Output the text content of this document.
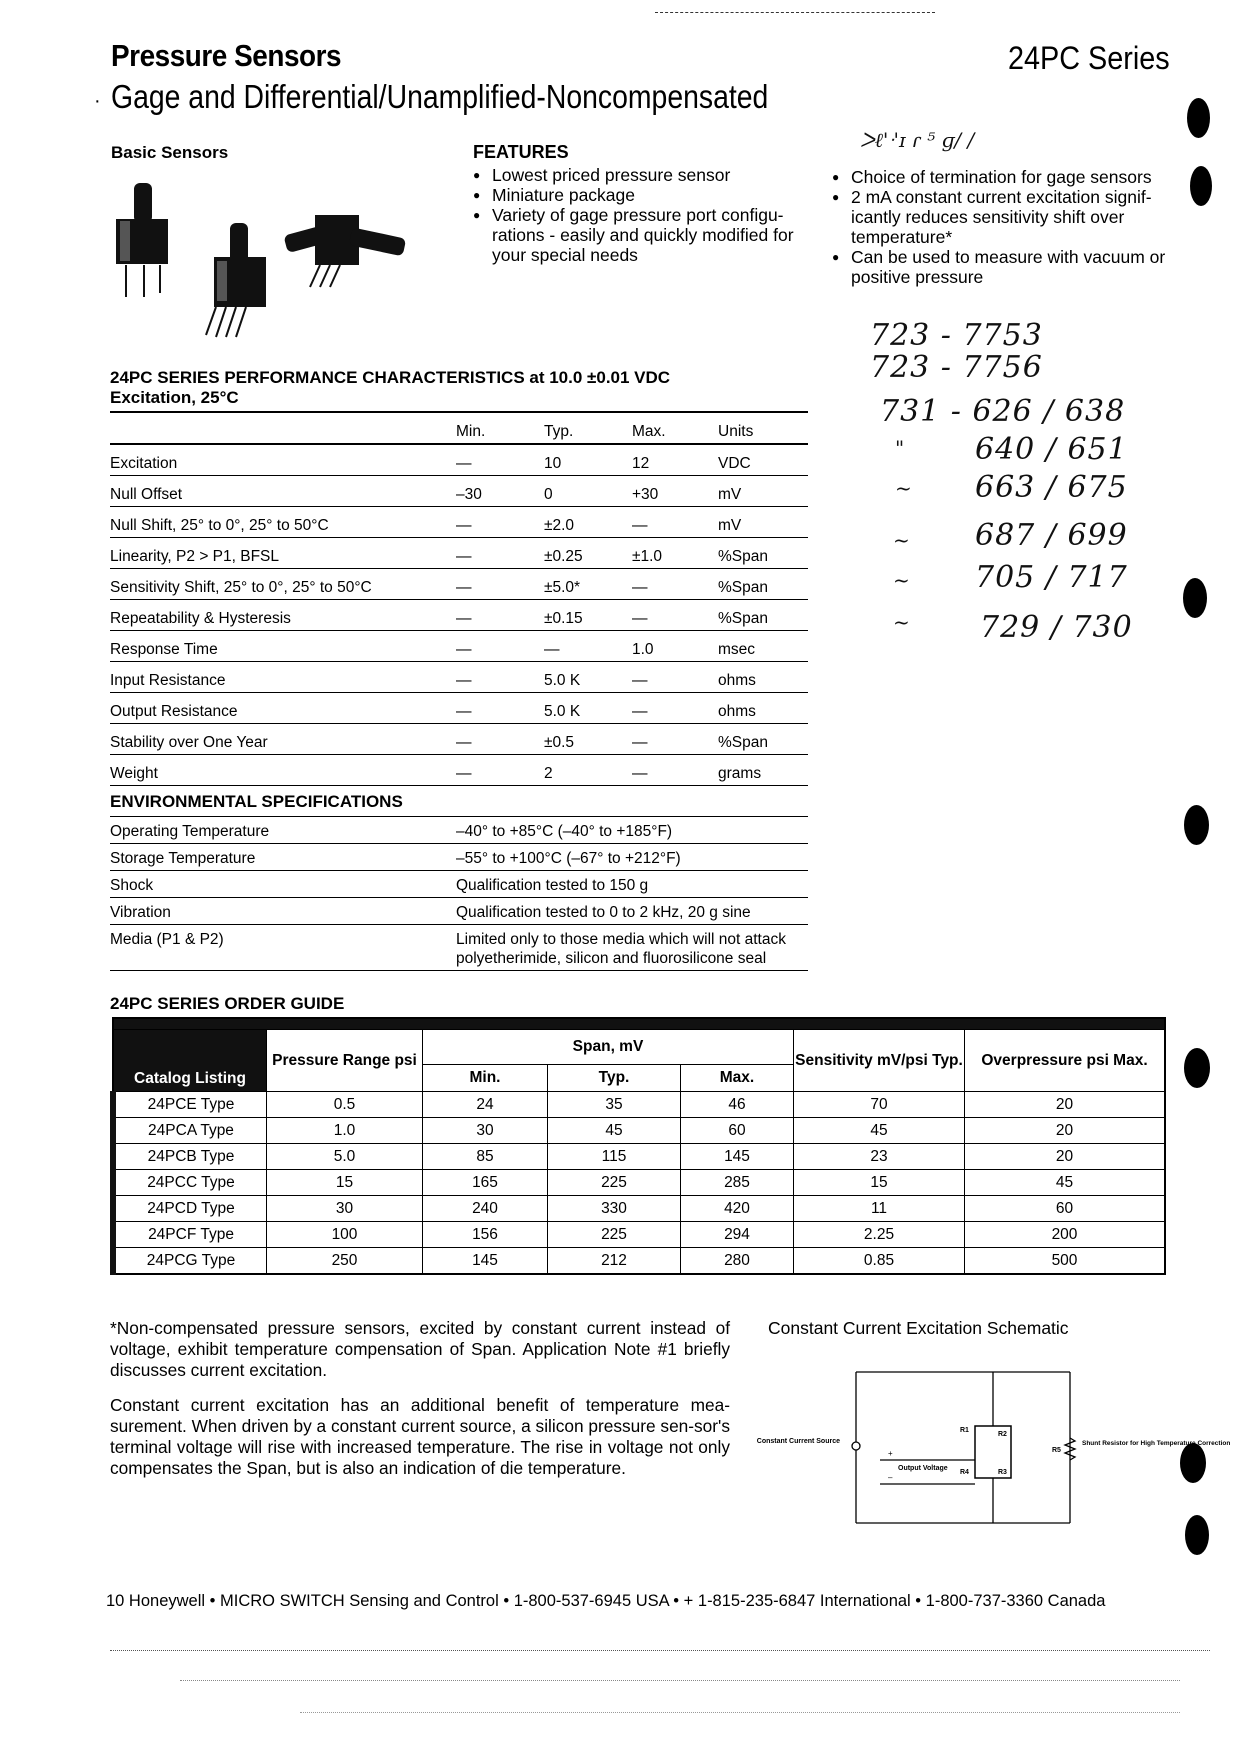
Pressure Sensors	24PC Series
· Gage and Differential/Unamplified-Noncompensated
Basic Sensors	FEATURES
● Lowest priced pressure sensor
● Miniature package
● Variety of gage pressure port configu-rations - easily and quickly modified for your special needs
● Choice of termination for gage sensors
● 2 mA constant current excitation signif-icantly reduces sensitivity shift over temperature*
● Can be used to measure with vacuum or positive pressure
ᐳℓ'ᐧ'ɪ ɾ ⁵ ɡ/ ∕
723 - 7753
723 - 7756
731 - 626 / 638
" 640 / 651
~ 663 / 675
~ 687 / 699
~ 705 / 717
~ 729 / 730
24PC SERIES PERFORMANCE CHARACTERISTICS at 10.0 ±0.01 VDC
Excitation, 25°C
	Min.	Typ.	Max.	Units
Excitation	—	10	12	VDC
Null Offset	–30	0	+30	mV
Null Shift, 25° to 0°, 25° to 50°C	—	±2.0	—	mV
Linearity, P2 > P1, BFSL	—	±0.25	±1.0	%Span
Sensitivity Shift, 25° to 0°, 25° to 50°C	—	±5.0*	—	%Span
Repeatability & Hysteresis	—	±0.15	—	%Span
Response Time	—	—	1.0	msec
Input Resistance	—	5.0 K	—	ohms
Output Resistance	—	5.0 K	—	ohms
Stability over One Year	—	±0.5	—	%Span
Weight	—	2	—	grams
ENVIRONMENTAL SPECIFICATIONS
Operating Temperature	–40° to +85°C (–40° to +185°F)
Storage Temperature	–55° to +100°C (–67° to +212°F)
Shock	Qualification tested to 150 g
Vibration	Qualification tested to 0 to 2 kHz, 20 g sine
Media (P1 & P2)	Limited only to those media which will not attack polyetherimide, silicon and fluorosilicone seal
24PC SERIES ORDER GUIDE

Catalog Listing	Pressure Range psi	Span, mV			Sensitivity mV/psi Typ.	Overpressure psi Max.
		Min.	Typ.	Max.		
24PCE Type	0.5	24	35	46	70	20
24PCA Type	1.0	30	45	60	45	20
24PCB Type	5.0	85	115	145	23	20
24PCC Type	15	165	225	285	15	45
24PCD Type	30	240	330	420	11	60
24PCF Type	100	156	225	294	2.25	200
24PCG Type	250	145	212	280	0.85	500
*Non-compensated pressure sensors, excited by constant current instead of voltage, exhibit temperature compensation of Span. Application Note #1 briefly discusses current excitation.
Constant current excitation has an additional benefit of temperature mea-surement. When driven by a constant current source, a silicon pressure sen-sor's terminal voltage will rise with increased temperature. The rise in voltage not only compensates the Span, but is also an indication of die temperature.
Constant Current Excitation Schematic
Constant Current Source
+
–
Output Voltage
R1
R2
R3
R4
R5
Shunt Resistor for High Temperature Correction
10 Honeywell • MICRO SWITCH Sensing and Control • 1-800-537-6945 USA • + 1-815-235-6847 International • 1-800-737-3360 Canada
